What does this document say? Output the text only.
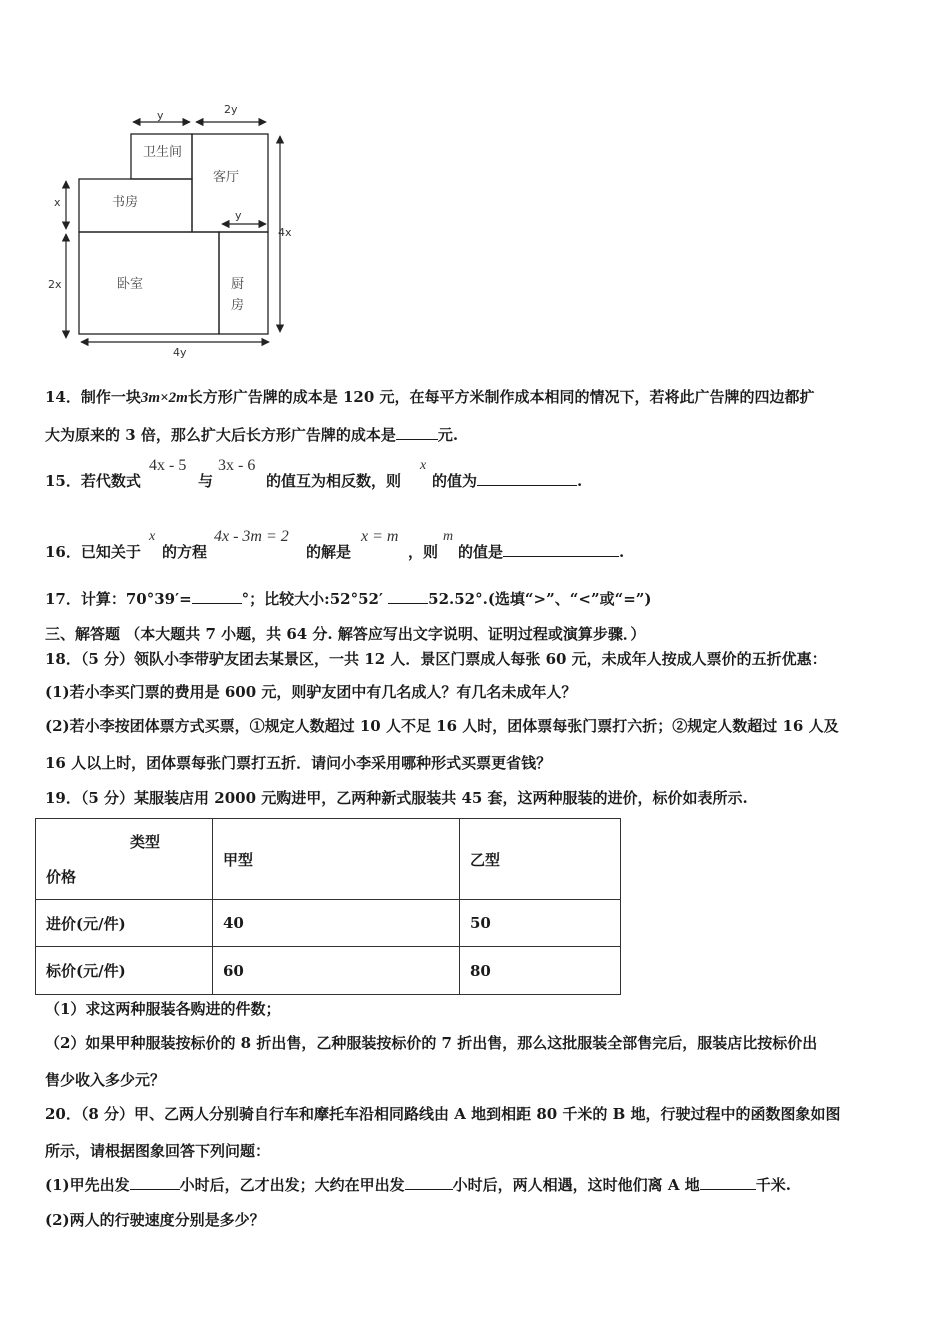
卫生间
客厅
书房
卧室	厨
房
y	2y
x
2x
4x
y
4y
14．制作一块3m×2m长方形广告牌的成本是 120 元，在每平方米制作成本相同的情况下，若将此广告牌的四边都扩
大为原来的 3 倍，那么扩大后长方形广告牌的成本是	元.
15．若代数式
4x - 5
与
3x - 6
的值互为相反数，则
x
的值为	.
16．已知关于
x
的方程
4x - 3m = 2
的解是
x = m
，则
m
的值是	.
17．计算：70°39′=	°；比较大小:52°52′	52.52°.(选填“>”、“<”或“=”)
三、解答题 （本大题共 7 小题，共 64 分. 解答应写出文字说明、证明过程或演算步骤．）
18．（5 分）领队小李带驴友团去某景区，一共 12 人．景区门票成人每张 60 元，未成年人按成人票价的五折优惠：
(1)若小李买门票的费用是 600 元，则驴友团中有几名成人？有几名未成年人？
(2)若小李按团体票方式买票，①规定人数超过 10 人不足 16 人时，团体票每张门票打六折；②规定人数超过 16 人及
16 人以上时，团体票每张门票打五折．请问小李采用哪种形式买票更省钱？
19．（5 分）某服装店用 2000 元购进甲，乙两种新式服装共 45 套，这两种服装的进价，标价如表所示.
类型
价格	甲型	乙型
进价(元/件)	40	50
标价(元/件)	60	80
（1）求这两种服装各购进的件数；
（2）如果甲种服装按标价的 8 折出售，乙种服装按标价的 7 折出售，那么这批服装全部售完后，服装店比按标价出
售少收入多少元？
20．（8 分）甲、乙两人分别骑自行车和摩托车沿相同路线由 A 地到相距 80 千米的 B 地，行驶过程中的函数图象如图
所示，请根据图象回答下列问题：
(1)甲先出发	小时后，乙才出发；大约在甲出发	小时后，两人相遇，这时他们离 A 地	千米.
(2)两人的行驶速度分别是多少？
